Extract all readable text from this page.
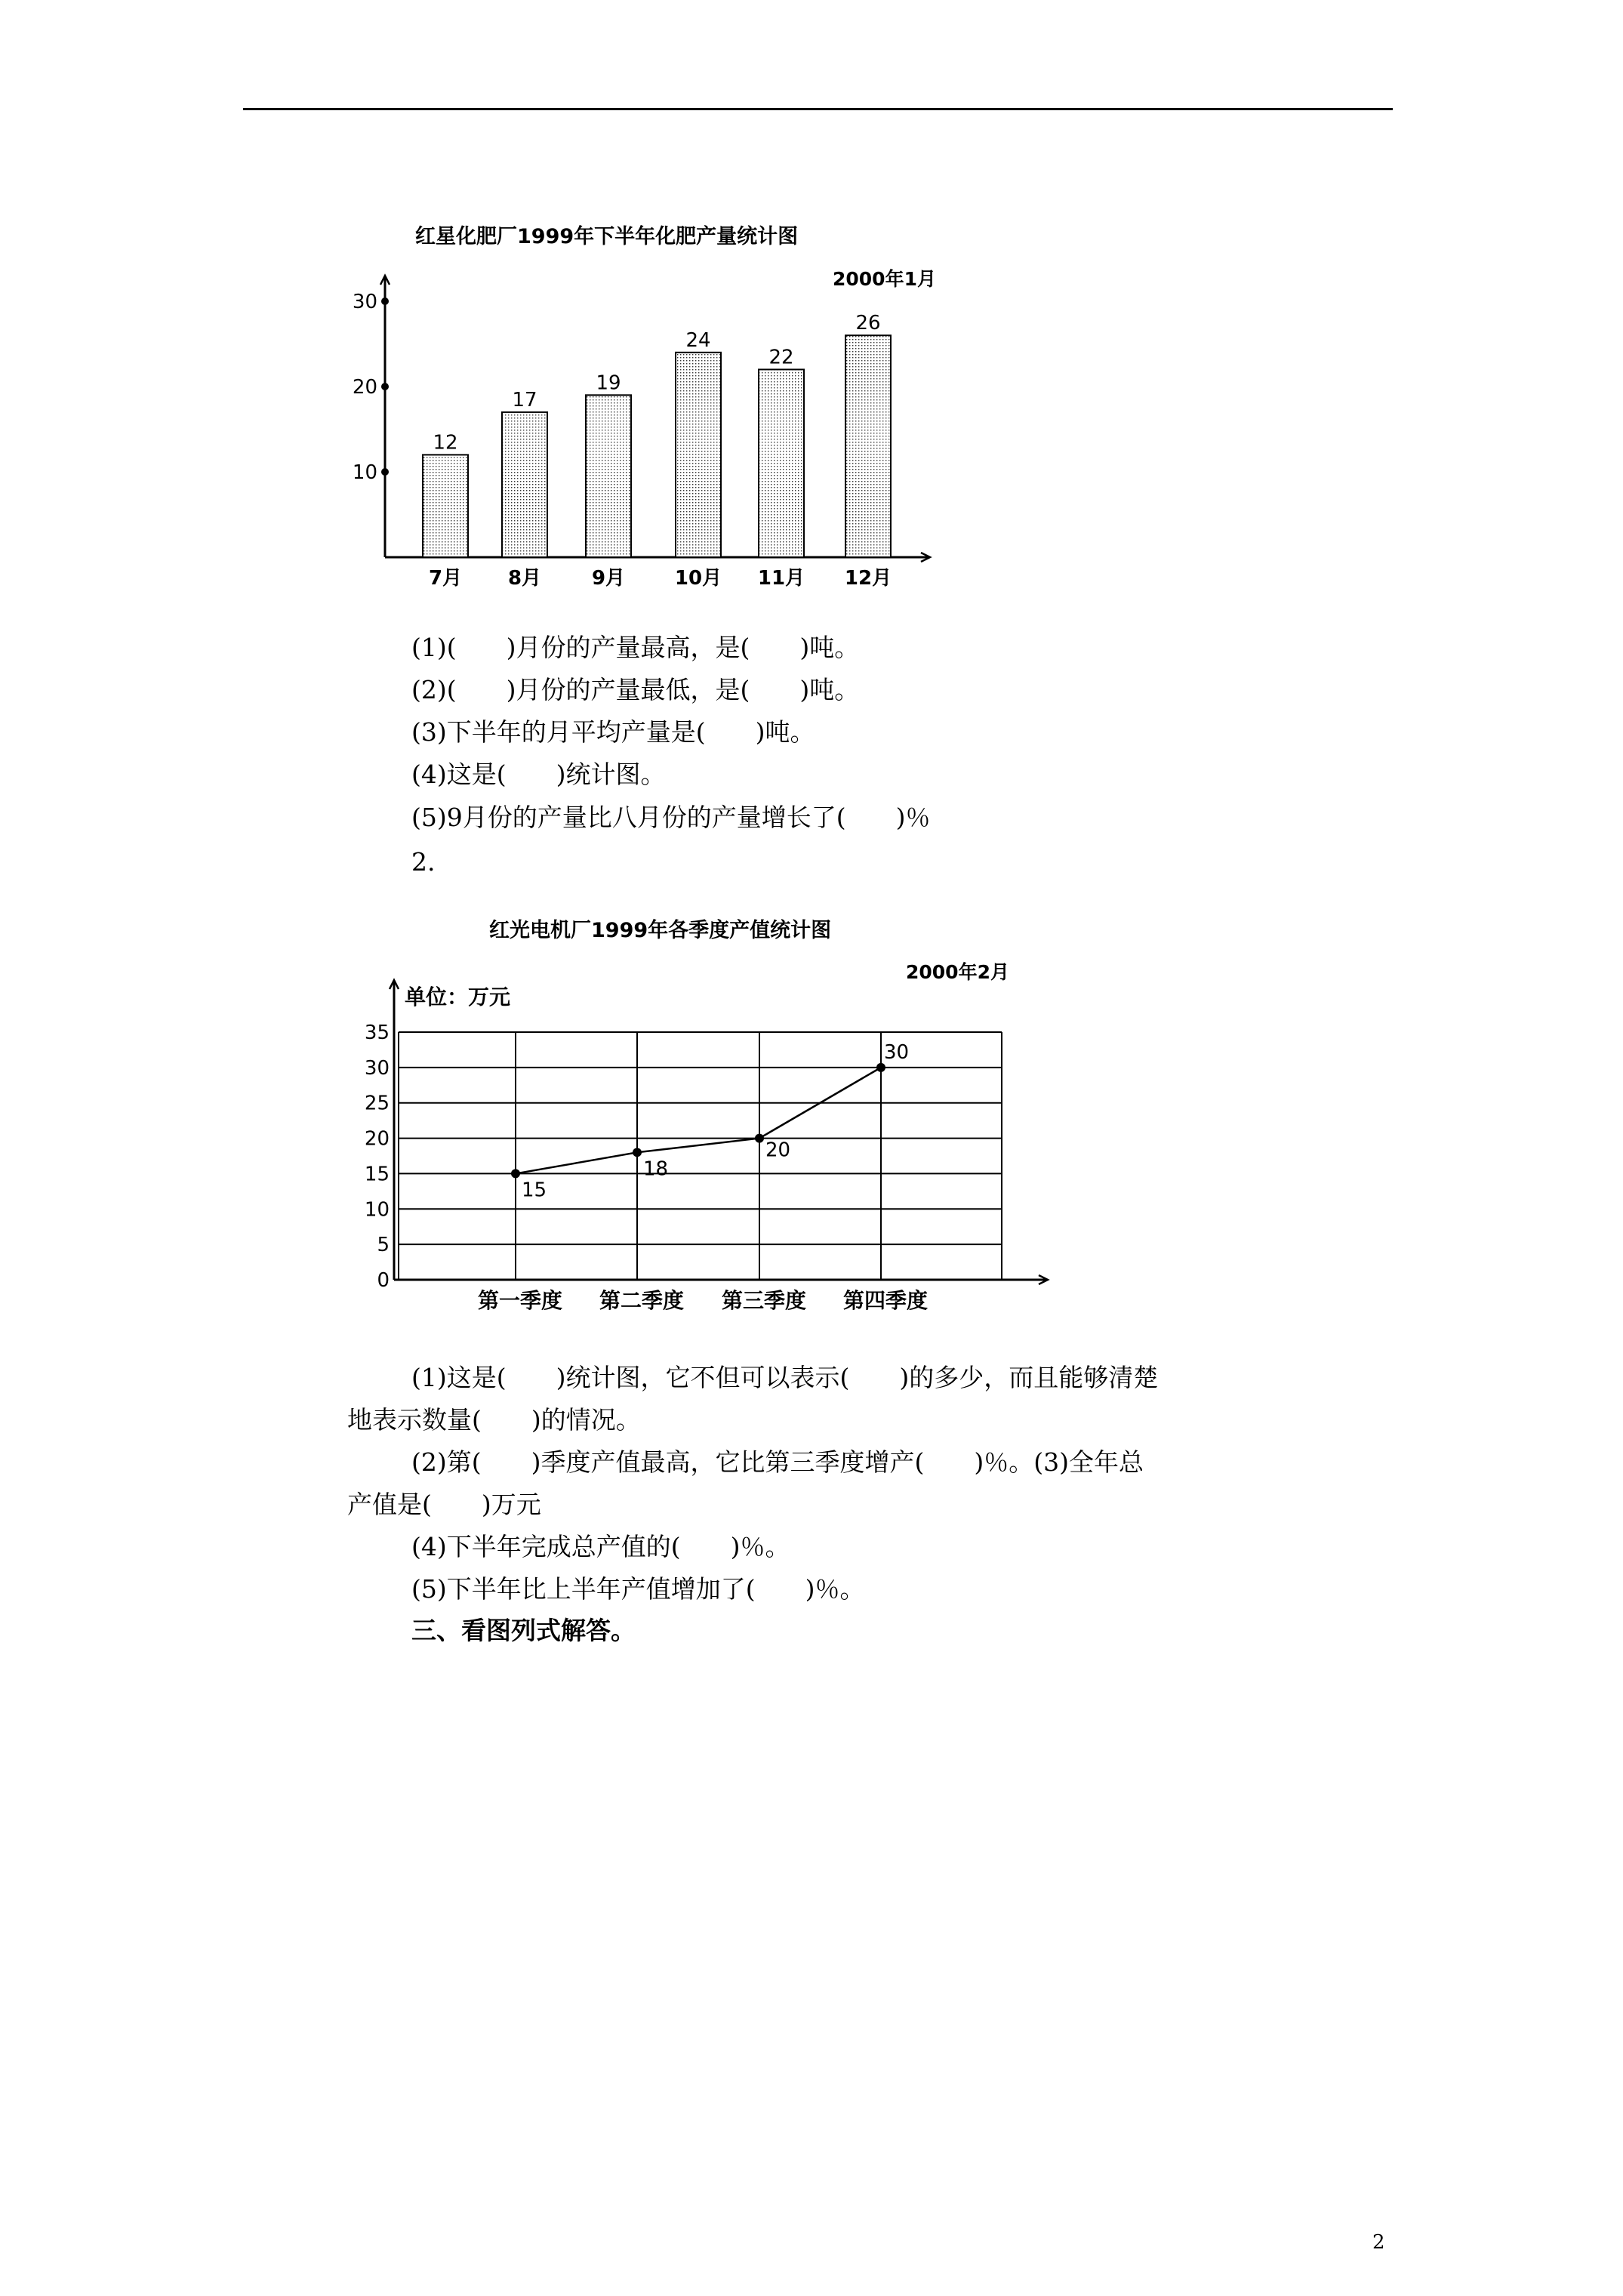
红星化肥厂1999年下半年化肥产量统计图
2000年1月
10
20
30
12
7月
17
8月
19
9月
24
10月
22
11月
26
12月
(1)(　　)月份的产量最高，是(　　)吨。
(2)(　　)月份的产量最低，是(　　)吨。
(3)下半年的月平均产量是(　　)吨。
(4)这是(　　)统计图。
(5)9月份的产量比八月份的产量增长了(　　)％
2.
红光电机厂1999年各季度产值统计图
2000年2月
单位：万元
0
5
10
15
20
25
30
35
15
第一季度
18
第二季度
20
第三季度
30
第四季度
(1)这是(　　)统计图，它不但可以表示(　　)的多少，而且能够清楚
地表示数量(　　)的情况。
(2)第(　　)季度产值最高，它比第三季度增产(　　)％。(3)全年总
产值是(　　)万元
(4)下半年完成总产值的(　　)％。
(5)下半年比上半年产值增加了(　　)％。
三、看图列式解答。
2
